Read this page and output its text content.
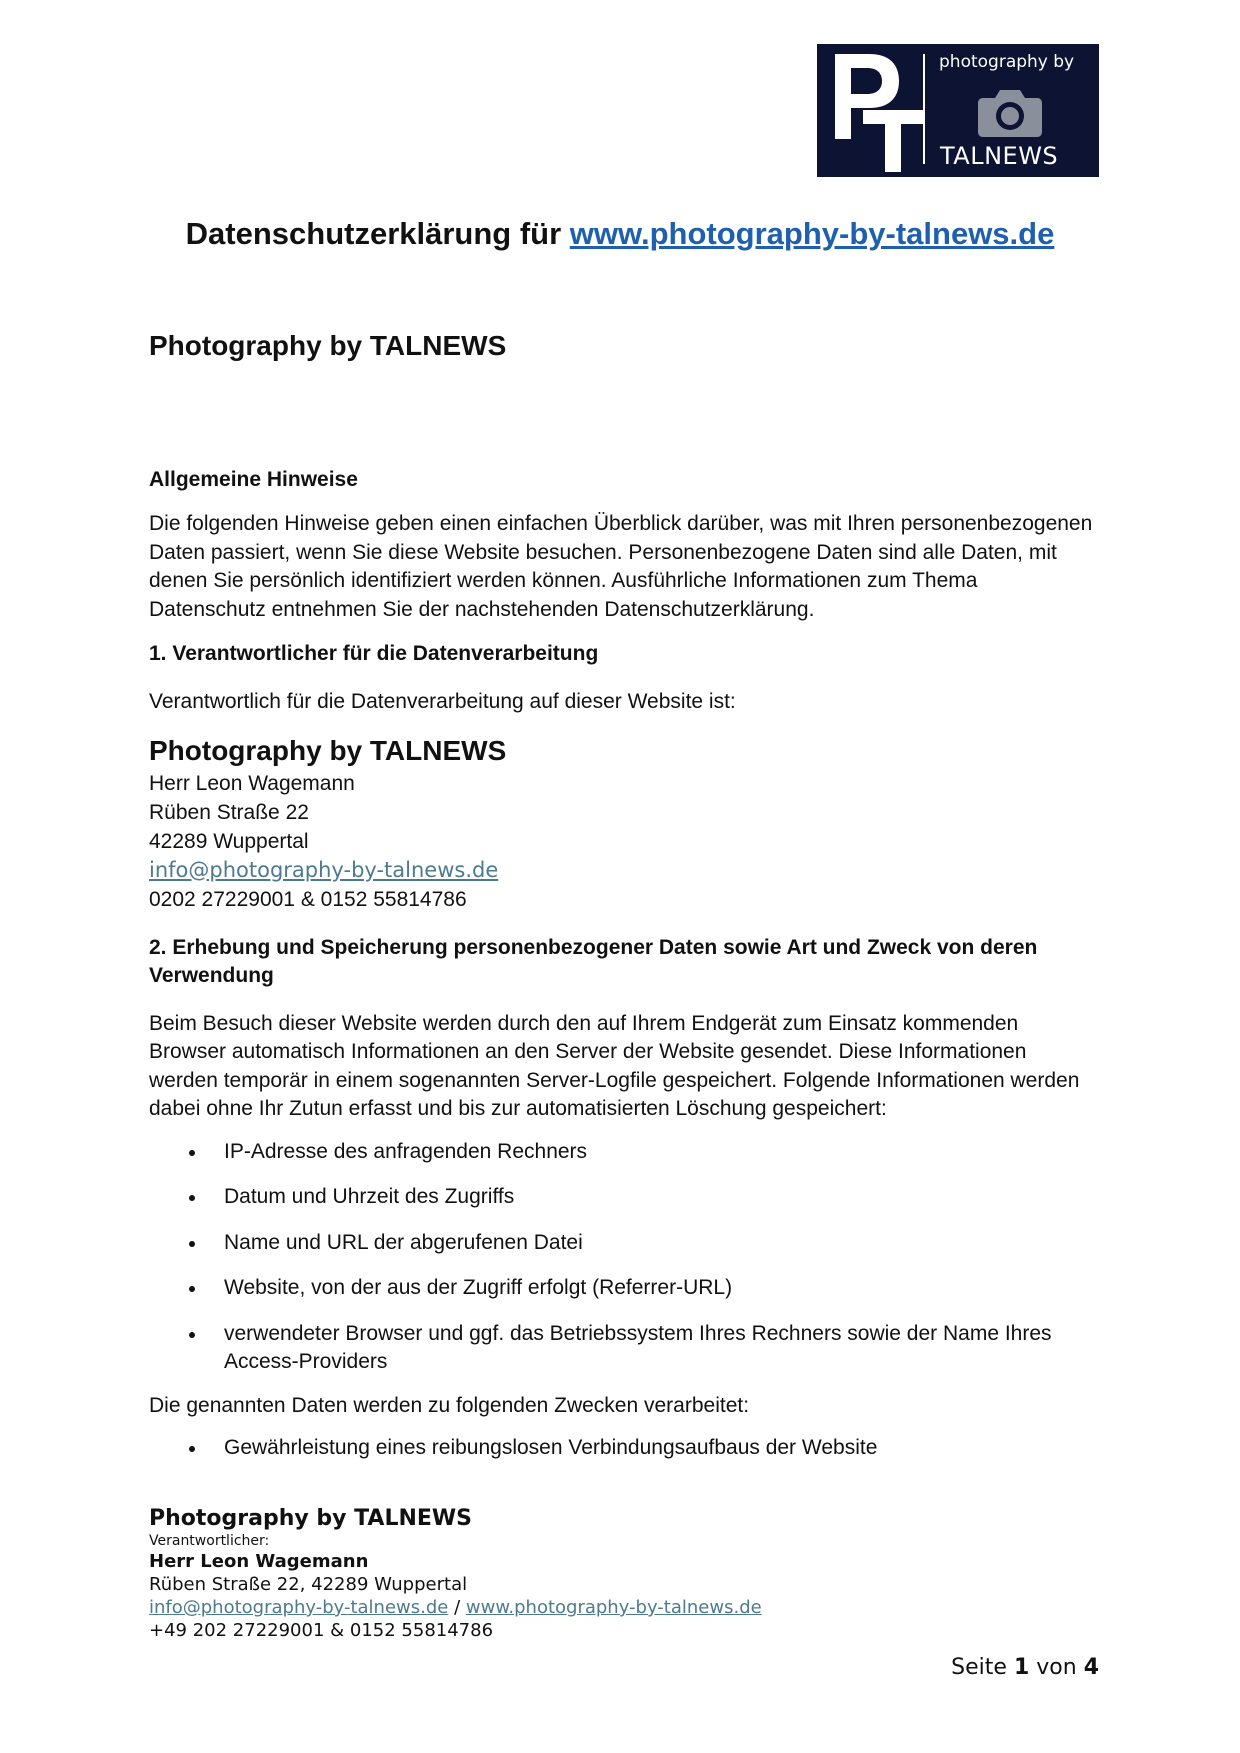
photography by
TALNEWS
Datenschutzerklärung für www.photography-by-talnews.de
Photography by TALNEWS
Allgemeine Hinweise

Die folgenden Hinweise geben einen einfachen Überblick darüber, was mit Ihren personenbezogenen Daten passiert, wenn Sie diese Website besuchen. Personenbezogene Daten sind alle Daten, mit denen Sie persönlich identifiziert werden können. Ausführliche Informationen zum Thema Datenschutz entnehmen Sie der nachstehenden Datenschutzerklärung.

1. Verantwortlicher für die Datenverarbeitung

Verantwortlich für die Datenverarbeitung auf dieser Website ist:

Photography by TALNEWS

Herr Leon Wagemann

Rüben Straße 22

42289 Wuppertal

info@photography-by-talnews.de

0202 27229001 & 0152 55814786

2. Erhebung und Speicherung personenbezogener Daten sowie Art und Zweck von deren Verwendung

Beim Besuch dieser Website werden durch den auf Ihrem Endgerät zum Einsatz kommenden Browser automatisch Informationen an den Server der Website gesendet. Diese Informationen werden temporär in einem sogenannten Server-Logfile gespeichert. Folgende Informationen werden dabei ohne Ihr Zutun erfasst und bis zur automatisierten Löschung gespeichert:

IP-Adresse des anfragenden Rechners
Datum und Uhrzeit des Zugriffs
Name und URL der abgerufenen Datei
Website, von der aus der Zugriff erfolgt (Referrer-URL)
verwendeter Browser und ggf. das Betriebssystem Ihres Rechners sowie der Name Ihres Access-Providers

Die genannten Daten werden zu folgenden Zwecken verarbeitet:

Gewährleistung eines reibungslosen Verbindungsaufbaus der Website
Photography by TALNEWS
Verantwortlicher:
Herr Leon Wagemann
Rüben Straße 22, 42289 Wuppertal
info@photography-by-talnews.de / www.photography-by-talnews.de
+49 202 27229001 & 0152 55814786
Seite 1 von 4
